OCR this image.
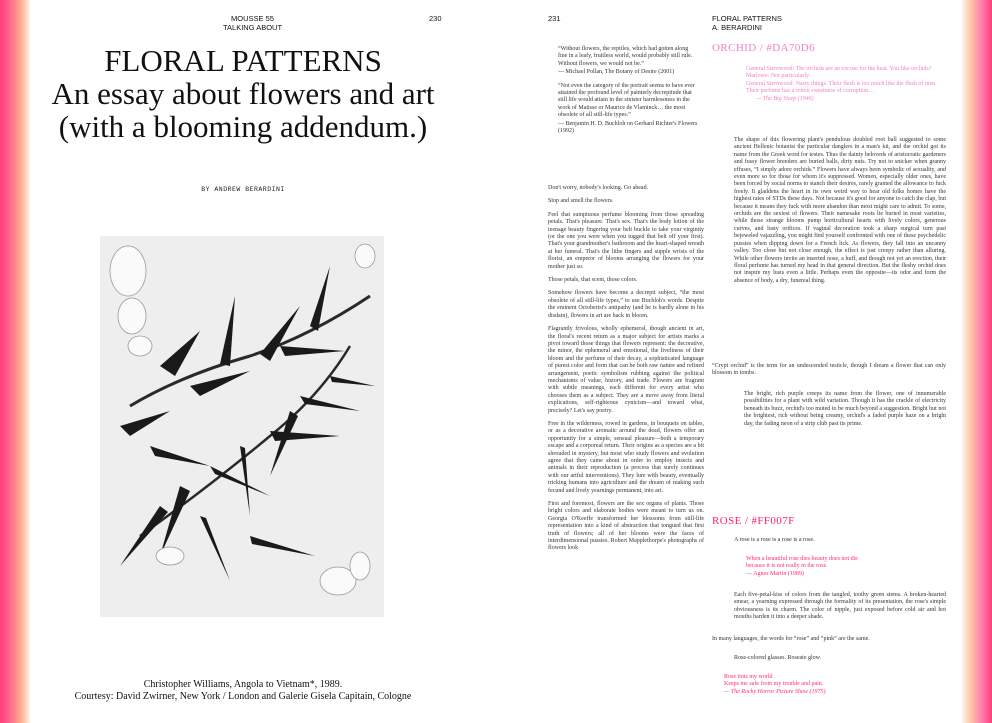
MOUSSE 55
TALKING ABOUT
230
FLORAL PATTERNS
An essay about flowers and art
(with a blooming addendum.)
BY ANDREW BERARDINI
Christopher Williams, Angola to Vietnam*, 1989.
Courtesy: David Zwirner, New York / London and Galerie Gisela Capitain, Cologne
231	FLORAL PATTERNS
A. BERARDINI

“Without flowers, the reptiles, which had gotten along fine in a leafy, fruitless world, would probably still rule. Without flowers, we would not be.”

— Michael Pollan, The Botany of Desire (2001)

“Not even the category of the portrait seems to have ever attained the profound level of painterly decrepitude that still life would attain in the sinister harmlessness in the work of Matisse or Maurice de Vlaminck… the most obsolete of all still-life types.”

— Benjamin H. D. Buchloh on Gerhard Richter's Flowers (1992)

Don't worry, nobody's looking. Go ahead.

Stop and smell the flowers.

Feel that sumptuous perfume blooming from those spreading petals. That's pleasure. That's sex. That's the body lotion of the teenage beauty fingering your belt buckle to take your virginity (or the one you were when you tugged that belt off your first). That's your grandmother's bathroom and the heart-shaped wreath at her funeral. That's the lithe fingers and supple wrists of the florist, an emperor of blooms arranging the flowers for your mother just so.

Those petals, that scent, those colors.

Somehow flowers have become a decrepit subject, “the most obsolete of all still-life types,” to use Buchloh's words. Despite the eminent Octoberist's antipathy (and he is hardly alone in his disdain), flowers in art are back in bloom.

Flagrantly frivolous, wholly ephemeral, though ancient in art, the floral's recent return as a major subject for artists marks a pivot toward those things that flowers represent: the decorative, the minor, the ephemeral and emotional, the liveliness of their bloom and the perfume of their decay, a sophisticated language of purest color and form that can be both raw nature and refined arrangement, poetic symbolism rubbing against the political mechanisms of value, history, and trade. Flowers are fragrant with subtle meanings, each different for every artist who chooses them as a subject. They are a move away from literal explications, self-righteous cynicism—and toward what, precisely? Let's say poetry.

Free in the wilderness, rowed in gardens, in bouquets on tables, or as a decorative aromatic around the dead, flowers offer an opportunity for a simple, sensual pleasure—both a temporary escape and a corporeal return. Their origins as a species are a bit shrouded in mystery, but most who study flowers and evolution agree that they came about in order to employ insects and animals in their reproduction (a process that surely continues with our artful interventions). They lure with beauty, eventually tricking humans into agriculture and the dream of making such fecund and lively yearnings permanent, into art.

First and foremost, flowers are the sex organs of plants. Those bright colors and elaborate bodies were meant to turn us on. Georgia O'Keeffe transformed her blossoms from still-life representation into a kind of abstraction that tongued that first truth of flowers; all of her blooms were the faces of interdimensional pussies. Robert Mapplethorpe's photographs of flowers look

ORCHID / #DA70D6
General Sternwood: The orchids are an excuse for the heat. You like orchids?
Marlowe: Not particularly.
General Sternwood: Nasty things. Their flesh is too much like the flesh of men. Their perfume has a rotten sweetness of corruption…
— The Big Sleep (1946)

The shape of this flowering plant's pendulous doubled root ball suggested to some ancient Hellenic botanist the particular danglers in a man's kit, and the orchid got its name from the Greek word for testes. Thus the dainty beloveds of aristocratic gardeners and fussy flower breeders are buried balls, dirty nuts. Try not to snicker when granny effuses, “I simply adore orchids.” Flowers have always been symbolic of sexuality, and even more so for those for whom it's suppressed. Women, especially older ones, have been forced by social norms to stanch their desires, rarely granted the allowance to fuck freely. It gladdens the heart in its own weird way to hear old folks homes have the highest rates of STDs these days. Not because it's good for anyone to catch the clap, but because it means they fuck with more abandon than most might care to admit. To some, orchids are the sexiest of flowers. Their namesake roots lie buried in most varieties, while those strange blooms pump horticultural hearts with lively colors, generous curves, and lusty orifices. If vaginal decoration took a sharp surgical turn past bejeweled vajazzling, you might find yourself confronted with one of these psychedelic pussies when dipping down for a French lick. As flowers, they fall into an uncanny valley. Too close but not close enough, the effect is just creepy rather than alluring. While other flowers invite an inserted nose, a huff, and though not yet an erection, their floral perfume has turned my head in that general direction. But the fleshy orchid does not inspire my lusts even a little. Perhaps even the opposite—its odor and form the absence of body, a dry, funereal thing.

“Crypt orchid” is the term for an undescended testicle, though I dream a flower that can only blossom in tombs.

The bright, rich purple creeps its name from the flower, one of innumerable possibilities for a plant with wild variation. Though it has the crackle of electricity beneath its buzz, orchid's too muted to be much beyond a suggestion. Bright but not the brightest, rich without being creamy, orchid's a faded purple haze on a bright day, the fading neon of a strip club past its prime.

ROSE / #FF007F

A rose is a rose is a rose is a rose.

When a beautiful rose dies beauty does not die
because it is not really in the rose.
— Agnes Martin (1989)

Each five-petal-kiss of colors from the tangled, toothy green stems. A broken-hearted smear, a yearning expressed through the formality of its presentation, the rose's simple obviousness is its charm. The color of nipple, just exposed before cold air and hot mouths harden it into a deeper shade.

In many languages, the words for “rose” and “pink” are the same.

Rose-colored glasses. Roseate glow.

Rose tints my world
Keeps me safe from my trouble and pain.
— The Rocky Horror Picture Show (1975)
